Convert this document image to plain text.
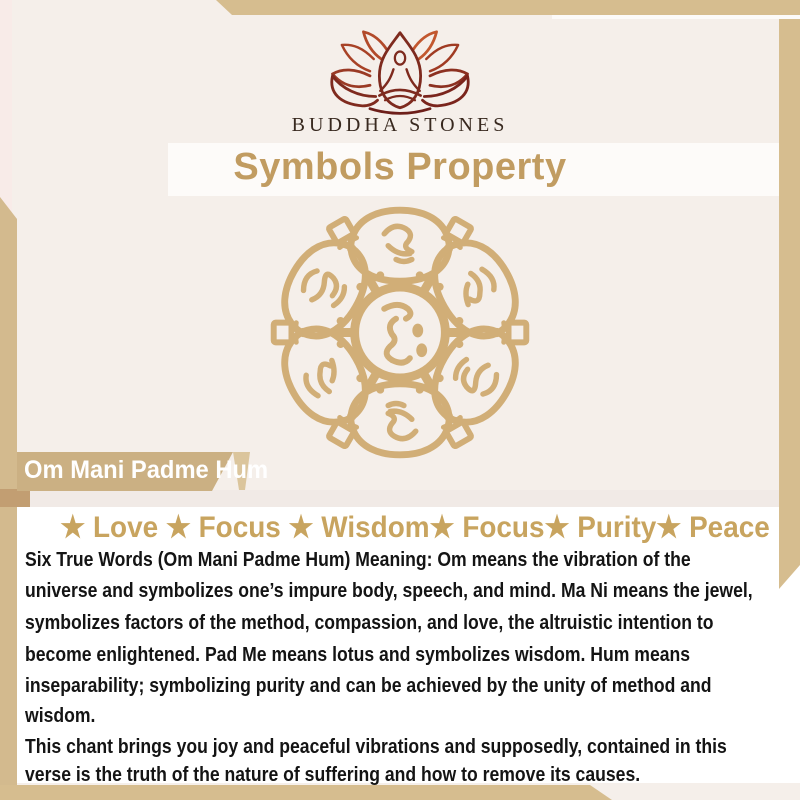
BUDDHA STONES
Symbols Property
Om Mani Padme Hum
★ Love ★ Focus ★ Wisdom★ Focus★ Purity★ Peace
Six True Words (Om Mani Padme Hum) Meaning: Om means the vibration of the
universe and symbolizes one’s impure body, speech, and mind. Ma Ni means the jewel,
symbolizes factors of the method, compassion, and love, the altruistic intention to
become enlightened. Pad Me means lotus and symbolizes wisdom. Hum means
inseparability; symbolizing purity and can be achieved by the unity of method and
wisdom.
This chant brings you joy and peaceful vibrations and supposedly, contained in this
verse is the truth of the nature of suffering and how to remove its causes.
